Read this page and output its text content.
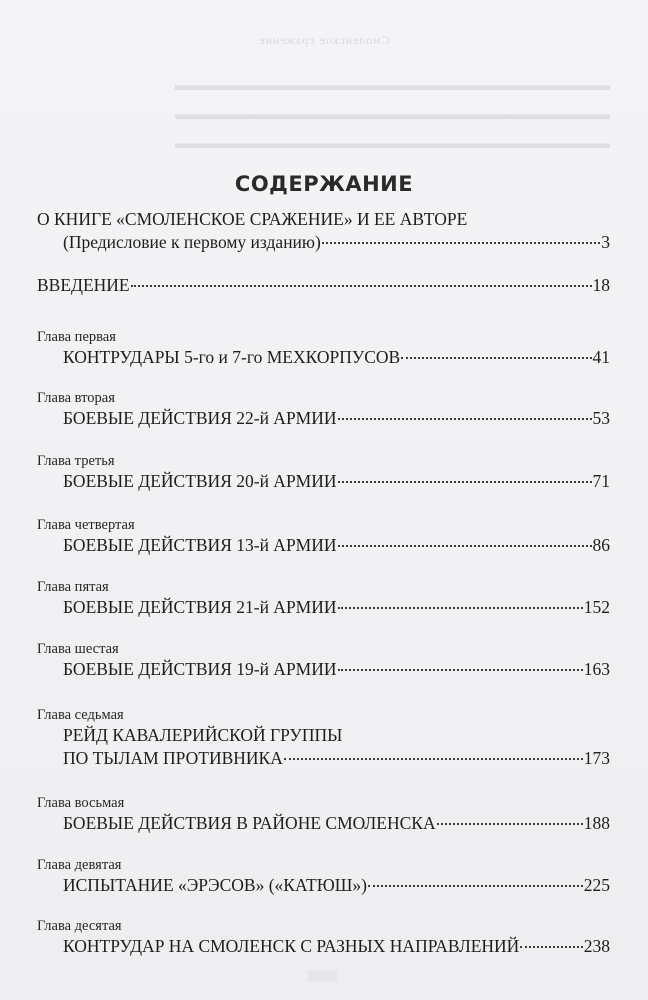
Смоленское сражение
▬▬▬▬▬▬▬▬▬▬▬▬▬▬▬▬▬▬▬▬▬▬▬▬▬▬▬▬▬
▬▬▬▬▬▬▬▬▬▬▬▬▬▬▬▬▬▬▬▬▬▬▬▬▬▬▬▬▬
▬▬▬▬▬▬▬▬▬▬▬▬▬▬▬▬▬▬▬▬▬▬▬▬▬▬▬▬▬
СОДЕРЖАНИЕ
О КНИГЕ «СМОЛЕНСКОЕ СРАЖЕНИЕ» И ЕЕ АВТОРЕ
(Предисловие к первому изданию)	3
ВВЕДЕНИЕ	18
Глава первая
КОНТРУДАРЫ 5-го и 7-го МЕХКОРПУСОВ	41
Глава вторая
БОЕВЫЕ ДЕЙСТВИЯ 22-й АРМИИ	53
Глава третья
БОЕВЫЕ ДЕЙСТВИЯ 20-й АРМИИ	71
Глава четвертая
БОЕВЫЕ ДЕЙСТВИЯ 13-й АРМИИ	86
Глава пятая
БОЕВЫЕ ДЕЙСТВИЯ 21-й АРМИИ	152
Глава шестая
БОЕВЫЕ ДЕЙСТВИЯ 19-й АРМИИ	163
Глава седьмая
РЕЙД КАВАЛЕРИЙСКОЙ ГРУППЫ
ПО ТЫЛАМ ПРОТИВНИКА	173
Глава восьмая
БОЕВЫЕ ДЕЙСТВИЯ В РАЙОНЕ СМОЛЕНСКА	188
Глава девятая
ИСПЫТАНИЕ «ЭРЭСОВ» («КАТЮШ»)	225
Глава десятая
КОНТРУДАР НА СМОЛЕНСК С РАЗНЫХ НАПРАВЛЕНИЙ	238
